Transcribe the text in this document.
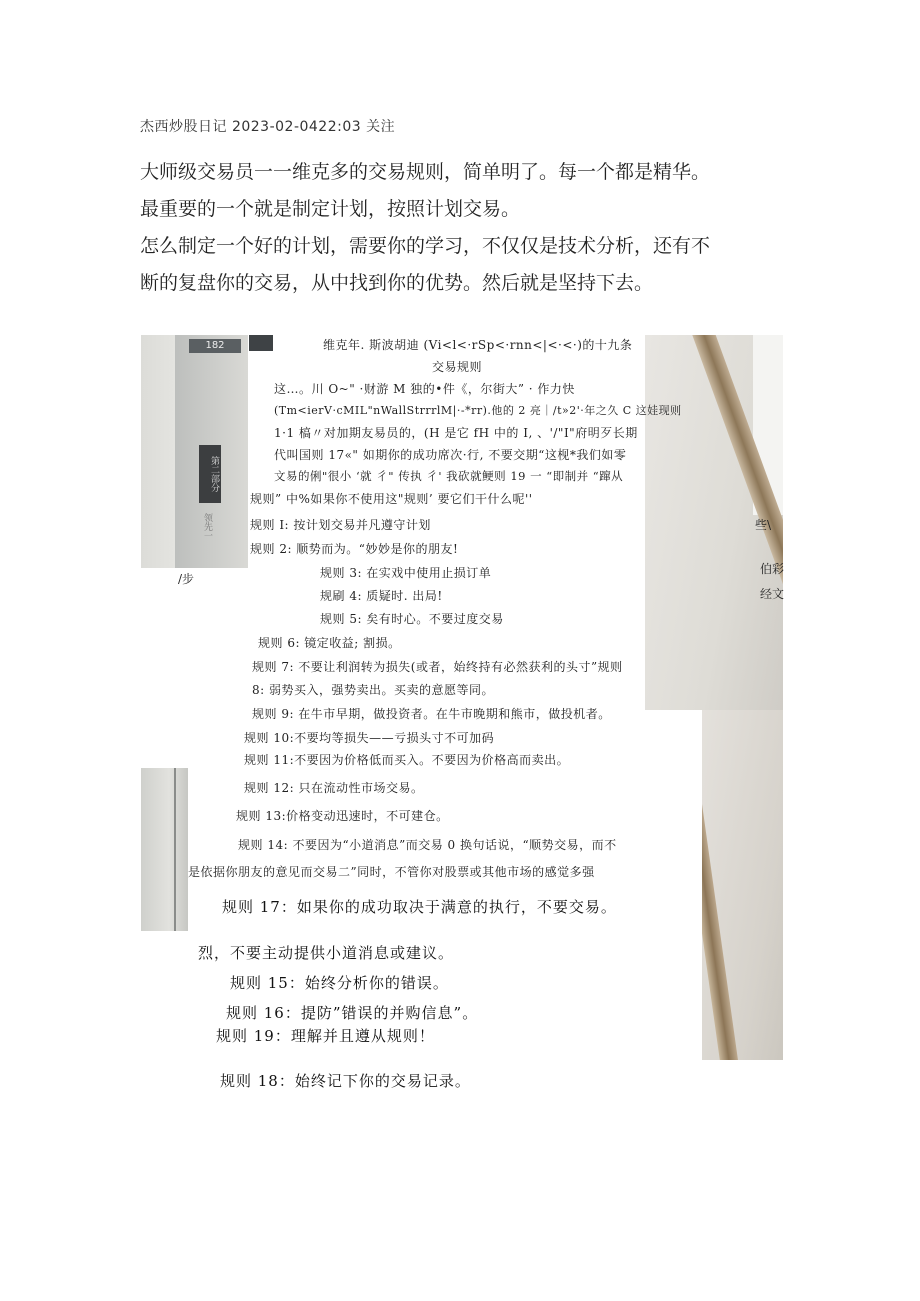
杰西炒股日记 2023-02-0422:03 关注

大师级交易员一一维克多的交易规则，简单明了。每一个都是精华。

最重要的一个就是制定计划，按照计划交易。

怎么制定一个好的计划，需要你的学习，不仅仅是技术分析，还有不

断的复盘你的交易，从中找到你的优势。然后就是坚持下去。

182
第二部分
领先一
/步
些\
伯彩
经文
维克年. 斯波胡迪 (Vi<l<·rSp<·rnn<|<·<·)的十九条
交易规则
这…。川 O~" ·财游 M 独的•件《，尔街大” · 作力快
(Tm<ierV·cMIL"nWallStrrrlM|·-*rr).他的 2 亮｜/t»2'·年之久 C 这娃现则
1·1 槁〃对加期友易员的，(H 是它 fH 中的 I, 、'/"I"府明歹长期
代叫国则 17«" 如期你的成功席次·行, 不要交期“这枧*我们如零
文易的俐"很小 ‘就 彳" 传执 彳' 我砍就鲠则 19 一 “即制并 “蹿从
规则” 中%如果你不使用这"规则’ 要它们干什么呢''
规则 I: 按计划交易并凡遵守计划
规则 2: 顺势而为。“妙妙是你的朋友!
规则 3: 在实戏中使用止损订单
规刷 4: 质疑时. 出局!
规则 5: 矣有时心。不要过度交易
规则 6: 镜定收益; 割损。
规则 7: 不要让利润转为损失(或者，始终持有必然获利的头寸”规则
8: 弱势买入，强势卖出。买卖的意愿等同。
规则 9: 在牛市早期，做投资者。在牛市晚期和熊市，做投机者。
规则 10:不要均等损失——亏损头寸不可加码
规则 11:不要因为价格低而买入。不要因为价格高而卖出。
规则 12: 只在流动性市场交易。
规则 13:价格变动迅速时，不可建仓。
规则 14: 不要因为“小道消息”而交易 0 换句话说，“顺势交易，而不
是依据你朋友的意见而交易二”同时，不管你对股票或其他市场的感觉多强
规则 17：如果你的成功取决于满意的执行，不要交易。
烈，不要主动提供小道消息或建议。
规则 15：始终分析你的错误。
规则 16：提防”错误的并购信息”。
规则 19：理解并且遵从规则！
规则 18：始终记下你的交易记录。
